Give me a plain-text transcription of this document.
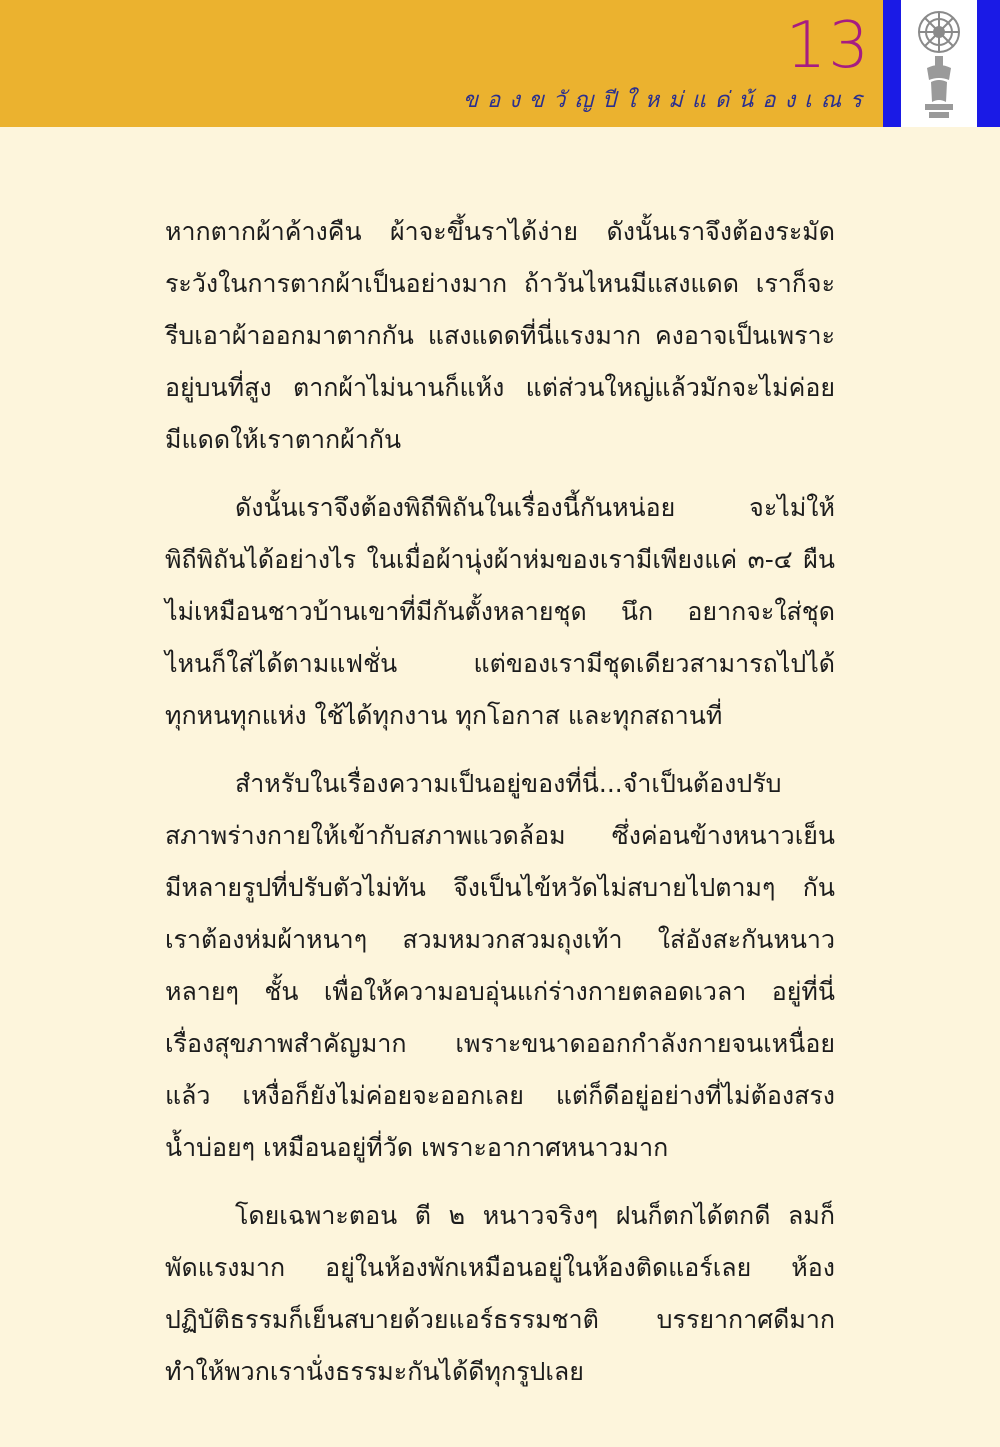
13
ของขวัญปีใหม่แด่น้องเณร

หากตากผ้าค้างคืน ผ้าจะขึ้นราได้ง่าย ดังนั้นเราจึงต้องระมัด
ระวังในการตากผ้าเป็นอย่างมาก ถ้าวันไหนมีแสงแดด เราก็จะ
รีบเอาผ้าออกมาตากกัน แสงแดดที่นี่แรงมาก คงอาจเป็นเพราะ
อยู่บนที่สูง ตากผ้าไม่นานก็แห้ง แต่ส่วนใหญ่แล้วมักจะไม่ค่อย
มีแดดให้เราตากผ้ากัน

ดังนั้นเราจึงต้องพิถีพิถันในเรื่องนี้กันหน่อย จะไม่ให้
พิถีพิถันได้อย่างไร ในเมื่อผ้านุ่งผ้าห่มของเรามีเพียงแค่ ๓-๔ ผืน
ไม่เหมือนชาวบ้านเขาที่มีกันตั้งหลายชุด นึก อยากจะใส่ชุด
ไหนก็ใส่ได้ตามแฟชั่น แต่ของเรามีชุดเดียวสามารถไปได้
ทุกหนทุกแห่ง ใช้ได้ทุกงาน ทุกโอกาส และทุกสถานที่

สำหรับในเรื่องความเป็นอยู่ของที่นี่...จำเป็นต้องปรับ
สภาพร่างกายให้เข้ากับสภาพแวดล้อม ซึ่งค่อนข้างหนาวเย็น
มีหลายรูปที่ปรับตัวไม่ทัน จึงเป็นไข้หวัดไม่สบายไปตามๆ กัน
เราต้องห่มผ้าหนาๆ สวมหมวกสวมถุงเท้า ใส่อังสะกันหนาว
หลายๆ ชั้น เพื่อให้ความอบอุ่นแก่ร่างกายตลอดเวลา อยู่ที่นี่
เรื่องสุขภาพสำคัญมาก เพราะขนาดออกกำลังกายจนเหนื่อย
แล้ว เหงื่อก็ยังไม่ค่อยจะออกเลย แต่ก็ดีอยู่อย่างที่ไม่ต้องสรง
น้ำบ่อยๆ เหมือนอยู่ที่วัด เพราะอากาศหนาวมาก

โดยเฉพาะตอน ตี ๒ หนาวจริงๆ ฝนก็ตกได้ตกดี ลมก็
พัดแรงมาก อยู่ในห้องพักเหมือนอยู่ในห้องติดแอร์เลย ห้อง
ปฏิบัติธรรมก็เย็นสบายด้วยแอร์ธรรมชาติ บรรยากาศดีมาก
ทำให้พวกเรานั่งธรรมะกันได้ดีทุกรูปเลย
